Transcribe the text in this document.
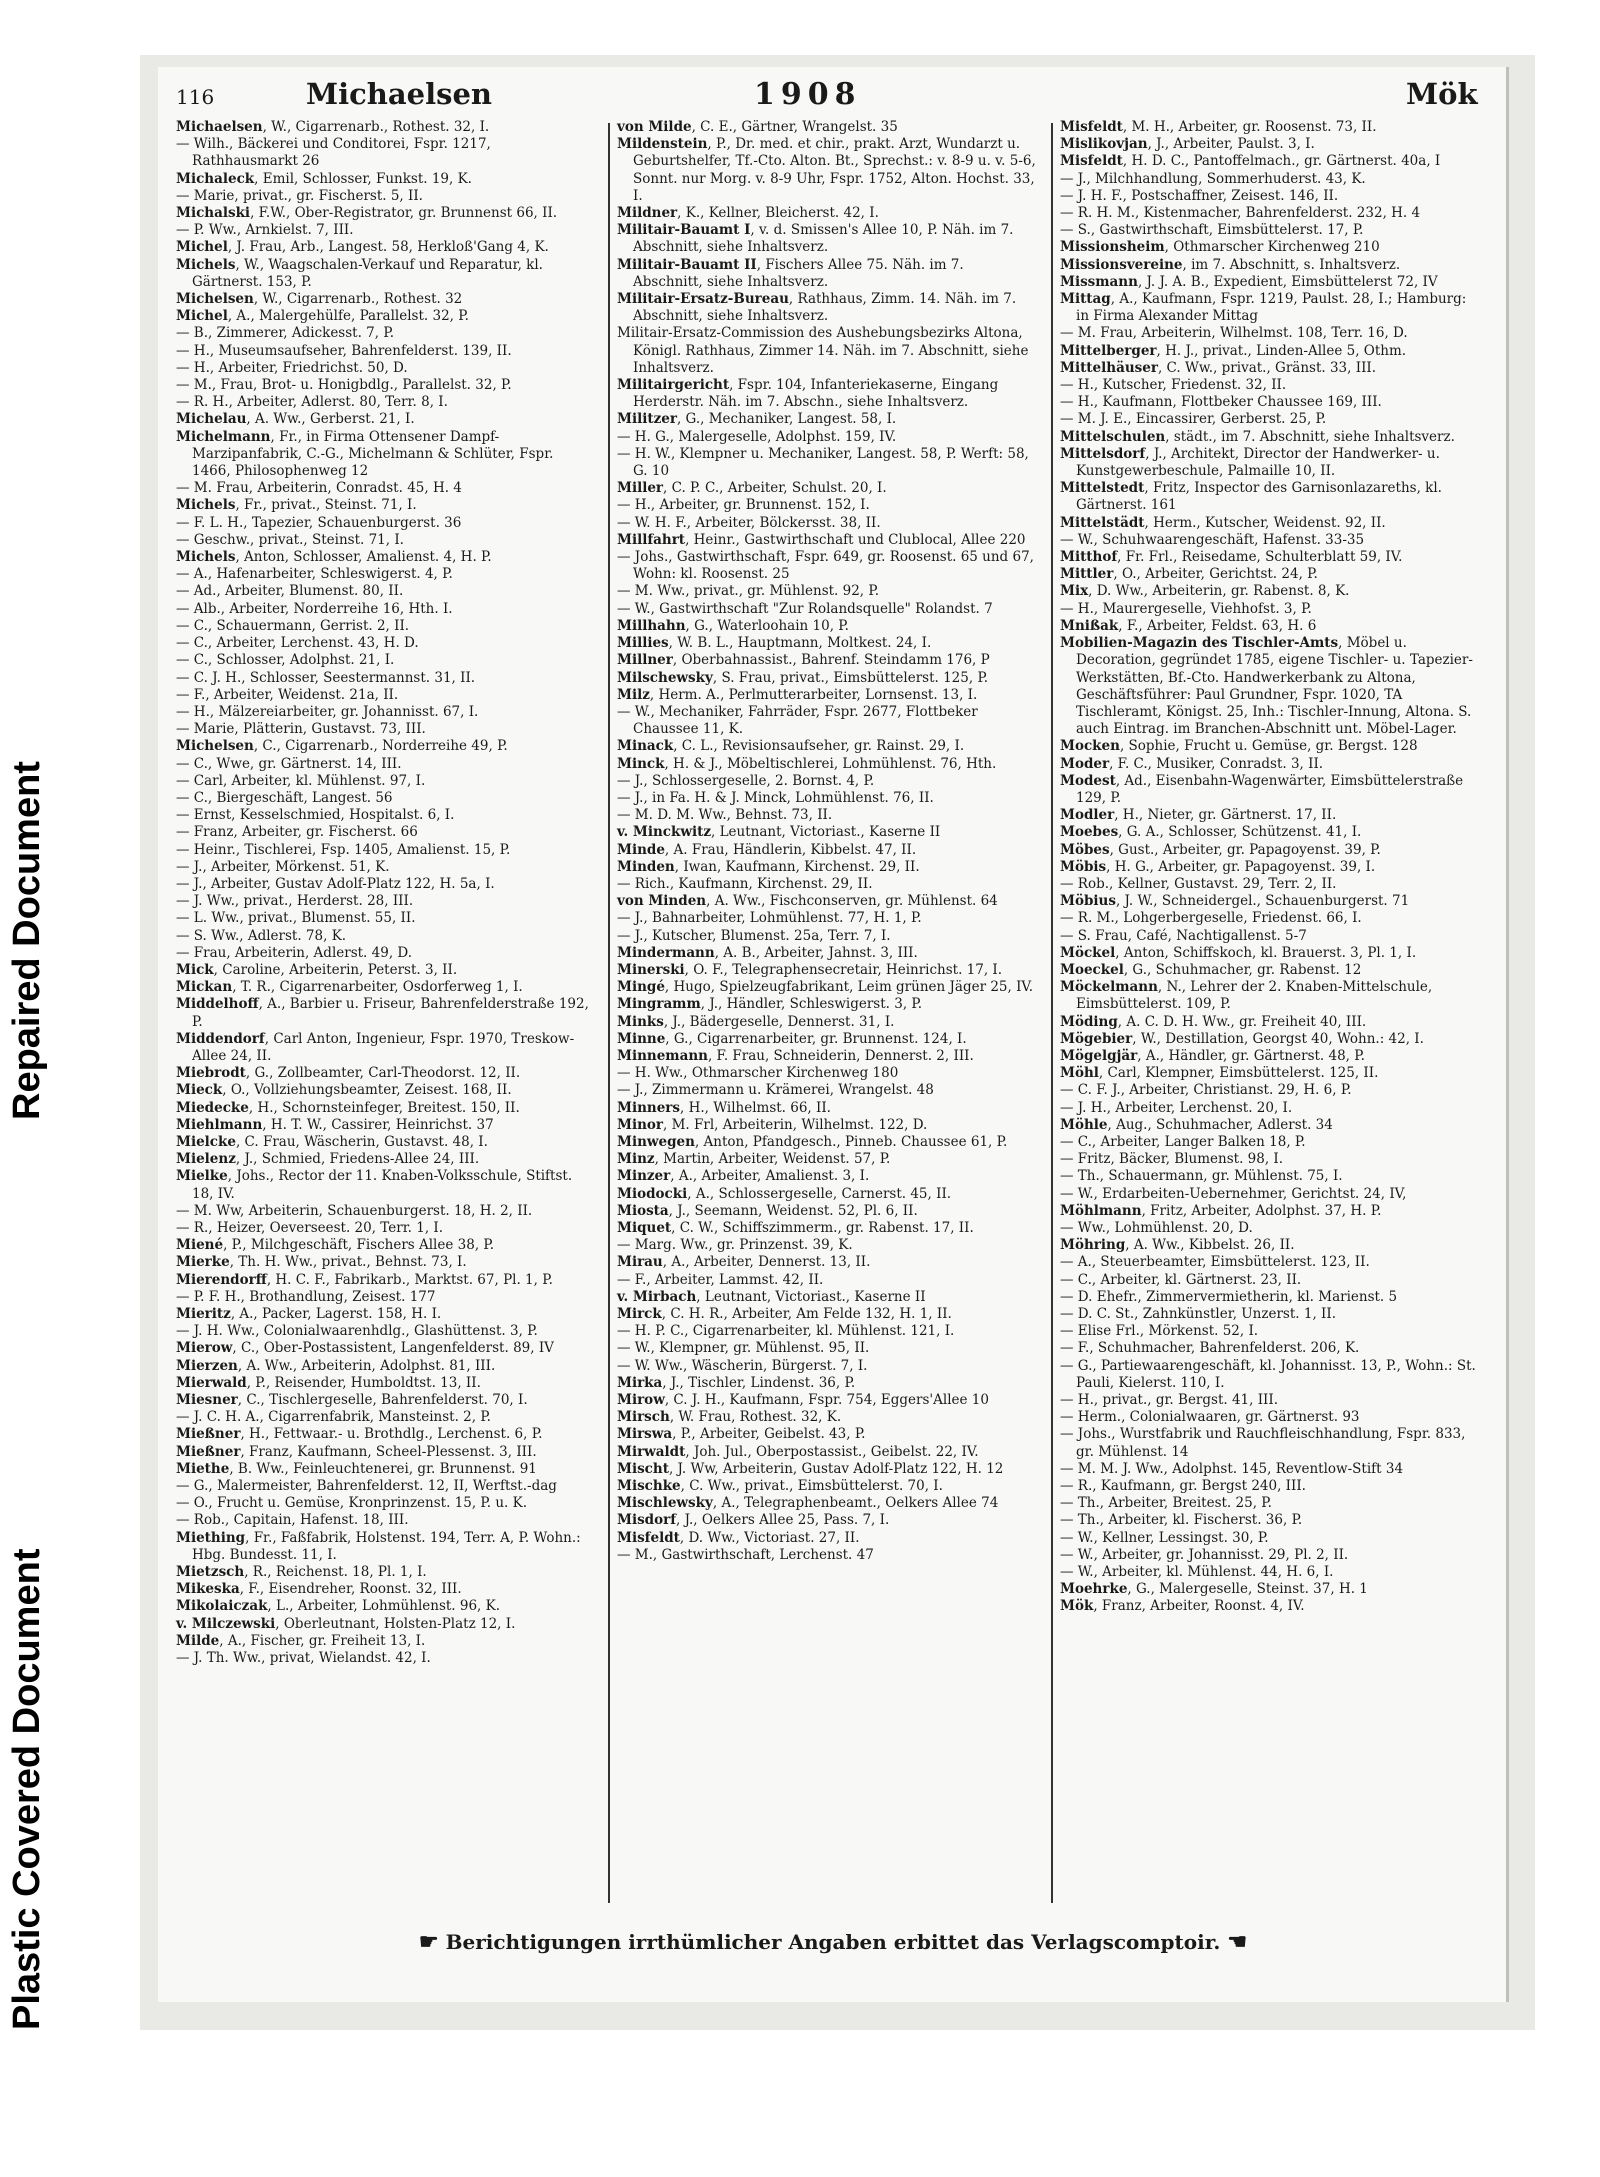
Repaired Document
Plastic Covered Document
116	Michaelsen	1908	Mök
Michaelsen, W., Cigarrenarb., Rothest. 32, I.
— Wilh., Bäckerei und Conditorei, Fspr. 1217, Rathhausmarkt 26
Michaleck, Emil, Schlosser, Funkst. 19, K.
— Marie, privat., gr. Fischerst. 5, II.
Michalski, F.W., Ober-Registrator, gr. Brunnenst 66, II.
— P. Ww., Arnkielst. 7, III.
Michel, J. Frau, Arb., Langest. 58, Herkloß'Gang 4, K.
Michels, W., Waagschalen-Verkauf und Reparatur, kl. Gärtnerst. 153, P.
Michelsen, W., Cigarrenarb., Rothest. 32
Michel, A., Malergehülfe, Parallelst. 32, P.
— B., Zimmerer, Adickesst. 7, P.
— H., Museumsaufseher, Bahrenfelderst. 139, II.
— H., Arbeiter, Friedrichst. 50, D.
— M., Frau, Brot- u. Honigbdlg., Parallelst. 32, P.
— R. H., Arbeiter, Adlerst. 80, Terr. 8, I.
Michelau, A. Ww., Gerberst. 21, I.
Michelmann, Fr., in Firma Ottensener Dampf-Marzipanfabrik, C.-G., Michelmann & Schlüter, Fspr. 1466, Philosophenweg 12
— M. Frau, Arbeiterin, Conradst. 45, H. 4
Michels, Fr., privat., Steinst. 71, I.
— F. L. H., Tapezier, Schauenburgerst. 36
— Geschw., privat., Steinst. 71, I.
Michels, Anton, Schlosser, Amalienst. 4, H. P.
— A., Hafenarbeiter, Schleswigerst. 4, P.
— Ad., Arbeiter, Blumenst. 80, II.
— Alb., Arbeiter, Norderreihe 16, Hth. I.
— C., Schauermann, Gerrist. 2, II.
— C., Arbeiter, Lerchenst. 43, H. D.
— C., Schlosser, Adolphst. 21, I.
— C. J. H., Schlosser, Seestermannst. 31, II.
— F., Arbeiter, Weidenst. 21a, II.
— H., Mälzereiarbeiter, gr. Johannisst. 67, I.
— Marie, Plätterin, Gustavst. 73, III.
Michelsen, C., Cigarrenarb., Norderreihe 49, P.
— C., Wwe, gr. Gärtnerst. 14, III.
— Carl, Arbeiter, kl. Mühlenst. 97, I.
— C., Biergeschäft, Langest. 56
— Ernst, Kesselschmied, Hospitalst. 6, I.
— Franz, Arbeiter, gr. Fischerst. 66
— Heinr., Tischlerei, Fsp. 1405, Amalienst. 15, P.
— J., Arbeiter, Mörkenst. 51, K.
— J., Arbeiter, Gustav Adolf-Platz 122, H. 5a, I.
— J. Ww., privat., Herderst. 28, III.
— L. Ww., privat., Blumenst. 55, II.
— S. Ww., Adlerst. 78, K.
— Frau, Arbeiterin, Adlerst. 49, D.
Mick, Caroline, Arbeiterin, Peterst. 3, II.
Mickan, T. R., Cigarrenarbeiter, Osdorferweg 1, I.
Middelhoff, A., Barbier u. Friseur, Bahrenfelderstraße 192, P.
Middendorf, Carl Anton, Ingenieur, Fspr. 1970, Treskow-Allee 24, II.
Miebrodt, G., Zollbeamter, Carl-Theodorst. 12, II.
Mieck, O., Vollziehungsbeamter, Zeisest. 168, II.
Miedecke, H., Schornsteinfeger, Breitest. 150, II.
Miehlmann, H. T. W., Cassirer, Heinrichst. 37
Mielcke, C. Frau, Wäscherin, Gustavst. 48, I.
Mielenz, J., Schmied, Friedens-Allee 24, III.
Mielke, Johs., Rector der 11. Knaben-Volksschule, Stiftst. 18, IV.
— M. Ww, Arbeiterin, Schauenburgerst. 18, H. 2, II.
— R., Heizer, Oeverseest. 20, Terr. 1, I.
Miené, P., Milchgeschäft, Fischers Allee 38, P.
Mierke, Th. H. Ww., privat., Behnst. 73, I.
Mierendorff, H. C. F., Fabrikarb., Marktst. 67, Pl. 1, P.
— P. F. H., Brothandlung, Zeisest. 177
Mieritz, A., Packer, Lagerst. 158, H. I.
— J. H. Ww., Colonialwaarenhdlg., Glashüttenst. 3, P.
Mierow, C., Ober-Postassistent, Langenfelderst. 89, IV
Mierzen, A. Ww., Arbeiterin, Adolphst. 81, III.
Mierwald, P., Reisender, Humboldtst. 13, II.
Miesner, C., Tischlergeselle, Bahrenfelderst. 70, I.
— J. C. H. A., Cigarrenfabrik, Mansteinst. 2, P.
Mießner, H., Fettwaar.- u. Brothdlg., Lerchenst. 6, P.
Mießner, Franz, Kaufmann, Scheel-Plessenst. 3, III.
Miethe, B. Ww., Feinleuchtenerei, gr. Brunnenst. 91
— G., Malermeister, Bahrenfelderst. 12, II, Werftst.-dag
— O., Frucht u. Gemüse, Kronprinzenst. 15, P. u. K.
— Rob., Capitain, Hafenst. 18, III.
Miething, Fr., Faßfabrik, Holstenst. 194, Terr. A, P. Wohn.: Hbg. Bundesst. 11, I.
Mietzsch, R., Reichenst. 18, Pl. 1, I.
Mikeska, F., Eisendreher, Roonst. 32, III.
Mikolaiczak, L., Arbeiter, Lohmühlenst. 96, K.
v. Milczewski, Oberleutnant, Holsten-Platz 12, I.
Milde, A., Fischer, gr. Freiheit 13, I.
— J. Th. Ww., privat, Wielandst. 42, I.
von Milde, C. E., Gärtner, Wrangelst. 35
Mildenstein, P., Dr. med. et chir., prakt. Arzt, Wundarzt u. Geburtshelfer, Tf.-Cto. Alton. Bt., Sprechst.: v. 8-9 u. v. 5-6, Sonnt. nur Morg. v. 8-9 Uhr, Fspr. 1752, Alton. Hochst. 33, I.
Mildner, K., Kellner, Bleicherst. 42, I.
Militair-Bauamt I, v. d. Smissen's Allee 10, P. Näh. im 7. Abschnitt, siehe Inhaltsverz.
Militair-Bauamt II, Fischers Allee 75. Näh. im 7. Abschnitt, siehe Inhaltsverz.
Militair-Ersatz-Bureau, Rathhaus, Zimm. 14. Näh. im 7. Abschnitt, siehe Inhaltsverz.
Militair-Ersatz-Commission des Aushebungsbezirks Altona, Königl. Rathhaus, Zimmer 14. Näh. im 7. Abschnitt, siehe Inhaltsverz.
Militairgericht, Fspr. 104, Infanteriekaserne, Eingang Herderstr. Näh. im 7. Abschn., siehe Inhaltsverz.
Militzer, G., Mechaniker, Langest. 58, I.
— H. G., Malergeselle, Adolphst. 159, IV.
— H. W., Klempner u. Mechaniker, Langest. 58, P. Werft: 58, G. 10
Miller, C. P. C., Arbeiter, Schulst. 20, I.
— H., Arbeiter, gr. Brunnenst. 152, I.
— W. H. F., Arbeiter, Bölckersst. 38, II.
Millfahrt, Heinr., Gastwirthschaft und Clublocal, Allee 220
— Johs., Gastwirthschaft, Fspr. 649, gr. Roosenst. 65 und 67, Wohn: kl. Roosenst. 25
— M. Ww., privat., gr. Mühlenst. 92, P.
— W., Gastwirthschaft "Zur Rolandsquelle" Rolandst. 7
Millhahn, G., Waterloohain 10, P.
Millies, W. B. L., Hauptmann, Moltkest. 24, I.
Millner, Oberbahnassist., Bahrenf. Steindamm 176, P
Milschewsky, S. Frau, privat., Eimsbüttelerst. 125, P.
Milz, Herm. A., Perlmutterarbeiter, Lornsenst. 13, I.
— W., Mechaniker, Fahrräder, Fspr. 2677, Flottbeker Chaussee 11, K.
Minack, C. L., Revisionsaufseher, gr. Rainst. 29, I.
Minck, H. & J., Möbeltischlerei, Lohmühlenst. 76, Hth.
— J., Schlossergeselle, 2. Bornst. 4, P.
— J., in Fa. H. & J. Minck, Lohmühlenst. 76, II.
— M. D. M. Ww., Behnst. 73, II.
v. Minckwitz, Leutnant, Victoriast., Kaserne II
Minde, A. Frau, Händlerin, Kibbelst. 47, II.
Minden, Iwan, Kaufmann, Kirchenst. 29, II.
— Rich., Kaufmann, Kirchenst. 29, II.
von Minden, A. Ww., Fischconserven, gr. Mühlenst. 64
— J., Bahnarbeiter, Lohmühlenst. 77, H. 1, P.
— J., Kutscher, Blumenst. 25a, Terr. 7, I.
Mindermann, A. B., Arbeiter, Jahnst. 3, III.
Minerski, O. F., Telegraphensecretair, Heinrichst. 17, I.
Mingé, Hugo, Spielzeugfabrikant, Leim grünen Jäger 25, IV.
Mingramm, J., Händler, Schleswigerst. 3, P.
Minks, J., Bädergeselle, Dennerst. 31, I.
Minne, G., Cigarrenarbeiter, gr. Brunnenst. 124, I.
Minnemann, F. Frau, Schneiderin, Dennerst. 2, III.
— H. Ww., Othmarscher Kirchenweg 180
— J., Zimmermann u. Krämerei, Wrangelst. 48
Minners, H., Wilhelmst. 66, II.
Minor, M. Frl, Arbeiterin, Wilhelmst. 122, D.
Minwegen, Anton, Pfandgesch., Pinneb. Chaussee 61, P.
Minz, Martin, Arbeiter, Weidenst. 57, P.
Minzer, A., Arbeiter, Amalienst. 3, I.
Miodocki, A., Schlossergesellе, Carnerst. 45, II.
Miosta, J., Seemann, Weidenst. 52, Pl. 6, II.
Miquet, C. W., Schiffszimmerm., gr. Rabenst. 17, II.
— Marg. Ww., gr. Prinzenst. 39, K.
Mirau, A., Arbeiter, Dennerst. 13, II.
— F., Arbeiter, Lammst. 42, II.
v. Mirbach, Leutnant, Victoriast., Kaserne II
Mirck, C. H. R., Arbeiter, Am Felde 132, H. 1, II.
— H. P. C., Cigarrenarbeiter, kl. Mühlenst. 121, I.
— W., Klempner, gr. Mühlenst. 95, II.
— W. Ww., Wäscherin, Bürgerst. 7, I.
Mirka, J., Tischler, Lindenst. 36, P.
Mirow, C. J. H., Kaufmann, Fspr. 754, Eggers'Allee 10
Mirsch, W. Frau, Rothest. 32, K.
Mirswa, P., Arbeiter, Geibelst. 43, P.
Mirwaldt, Joh. Jul., Oberpostassist., Geibelst. 22, IV.
Mischt, J. Ww, Arbeiterin, Gustav Adolf-Platz 122, H. 12
Mischke, C. Ww., privat., Eimsbüttelerst. 70, I.
Mischlewsky, A., Telegraphenbeamt., Oelkers Allee 74
Misdorf, J., Oelkers Allee 25, Pass. 7, I.
Misfeldt, D. Ww., Victoriast. 27, II.
— M., Gastwirthschaft, Lerchenst. 47
Misfeldt, M. H., Arbeiter, gr. Roosenst. 73, II.
Mislikovjan, J., Arbeiter, Paulst. 3, I.
Misfeldt, H. D. C., Pantoffelmach., gr. Gärtnerst. 40a, I
— J., Milchhandlung, Sommerhuderst. 43, K.
— J. H. F., Postschaffner, Zeisest. 146, II.
— R. H. M., Kistenmacher, Bahrenfelderst. 232, H. 4
— S., Gastwirthschaft, Eimsbüttelerst. 17, P.
Missionsheim, Othmarscher Kirchenweg 210
Missionsvereine, im 7. Abschnitt, s. Inhaltsverz.
Missmann, J. J. A. B., Expedient, Eimsbüttelerst 72, IV
Mittag, A., Kaufmann, Fspr. 1219, Paulst. 28, I.; Hamburg: in Firma Alexander Mittag
— M. Frau, Arbeiterin, Wilhelmst. 108, Terr. 16, D.
Mittelberger, H. J., privat., Linden-Allee 5, Othm.
Mittelhäuser, C. Ww., privat., Gränst. 33, III.
— H., Kutscher, Friedenst. 32, II.
— H., Kaufmann, Flottbeker Chaussee 169, III.
— M. J. E., Eincassirer, Gerberst. 25, P.
Mittelschulen, städt., im 7. Abschnitt, siehe Inhaltsverz.
Mittelsdorf, J., Architekt, Director der Handwerker- u. Kunstgewerbeschule, Palmaille 10, II.
Mittelstedt, Fritz, Inspector des Garnisonlazareths, kl. Gärtnerst. 161
Mittelstädt, Herm., Kutscher, Weidenst. 92, II.
— W., Schuhwaarengeschäft, Hafenst. 33-35
Mitthof, Fr. Frl., Reisedame, Schulterblatt 59, IV.
Mittler, O., Arbeiter, Gerichtst. 24, P.
Mix, D. Ww., Arbeiterin, gr. Rabenst. 8, K.
— H., Maurergeselle, Viehhofst. 3, P.
Mnißak, F., Arbeiter, Feldst. 63, H. 6
Mobilien-Magazin des Tischler-Amts, Möbel u. Decoration, gegründet 1785, eigene Tischler- u. Tapezier-Werkstätten, Bf.-Cto. Handwerkerbank zu Altona, Geschäftsführer: Paul Grundner, Fspr. 1020, TA Tischleramt, Königst. 25, Inh.: Tischler-Innung, Altona. S. auch Eintrag. im Branchen-Abschnitt unt. Möbel-Lager.
Mocken, Sophie, Frucht u. Gemüse, gr. Bergst. 128
Moder, F. C., Musiker, Conradst. 3, II.
Modest, Ad., Eisenbahn-Wagenwärter, Eimsbüttelerstraße 129, P.
Modler, H., Nieter, gr. Gärtnerst. 17, II.
Moebes, G. A., Schlosser, Schützenst. 41, I.
Möbes, Gust., Arbeiter, gr. Papagoyenst. 39, P.
Möbis, H. G., Arbeiter, gr. Papagoyenst. 39, I.
— Rob., Kellner, Gustavst. 29, Terr. 2, II.
Möbius, J. W., Schneidergel., Schauenburgerst. 71
— R. M., Lohgerbergeselle, Friedenst. 66, I.
— S. Frau, Café, Nachtigallenst. 5-7
Möckel, Anton, Schiffskoch, kl. Brauerst. 3, Pl. 1, I.
Moeckel, G., Schuhmacher, gr. Rabenst. 12
Möckelmann, N., Lehrer der 2. Knaben-Mittelschule, Eimsbüttelerst. 109, P.
Möding, A. C. D. H. Ww., gr. Freiheit 40, III.
Mögebier, W., Destillation, Georgst 40, Wohn.: 42, I.
Mögelgjär, A., Händler, gr. Gärtnerst. 48, P.
Möhl, Carl, Klempner, Eimsbüttelerst. 125, II.
— C. F. J., Arbeiter, Christianst. 29, H. 6, P.
— J. H., Arbeiter, Lerchenst. 20, I.
Möhle, Aug., Schuhmacher, Adlerst. 34
— C., Arbeiter, Langer Balken 18, P.
— Fritz, Bäcker, Blumenst. 98, I.
— Th., Schauermann, gr. Mühlenst. 75, I.
— W., Erdarbeiten-Uebernehmer, Gerichtst. 24, IV,
Möhlmann, Fritz, Arbeiter, Adolphst. 37, H. P.
— Ww., Lohmühlenst. 20, D.
Möhring, A. Ww., Kibbelst. 26, II.
— A., Steuerbeamter, Eimsbüttelerst. 123, II.
— C., Arbeiter, kl. Gärtnerst. 23, II.
— D. Ehefr., Zimmervermietherin, kl. Marienst. 5
— D. C. St., Zahnkünstler, Unzerst. 1, II.
— Elise Frl., Mörkenst. 52, I.
— F., Schuhmacher, Bahrenfelderst. 206, K.
— G., Partiewaarengeschäft, kl. Johannisst. 13, P., Wohn.: St. Pauli, Kielerst. 110, I.
— H., privat., gr. Bergst. 41, III.
— Herm., Colonialwaaren, gr. Gärtnerst. 93
— Johs., Wurstfabrik und Rauchfleischhandlung, Fspr. 833, gr. Mühlenst. 14
— M. M. J. Ww., Adolphst. 145, Reventlow-Stift 34
— R., Kaufmann, gr. Bergst 240, III.
— Th., Arbeiter, Breitest. 25, P.
— Th., Arbeiter, kl. Fischerst. 36, P.
— W., Kellner, Lessingst. 30, P.
— W., Arbeiter, gr. Johannisst. 29, Pl. 2, II.
— W., Arbeiter, kl. Mühlenst. 44, H. 6, I.
Moehrke, G., Malergeselle, Steinst. 37, H. 1
Mök, Franz, Arbeiter, Roonst. 4, IV.
☛ Berichtigungen irrthümlicher Angaben erbittet das Verlagscomptoir. ☚
